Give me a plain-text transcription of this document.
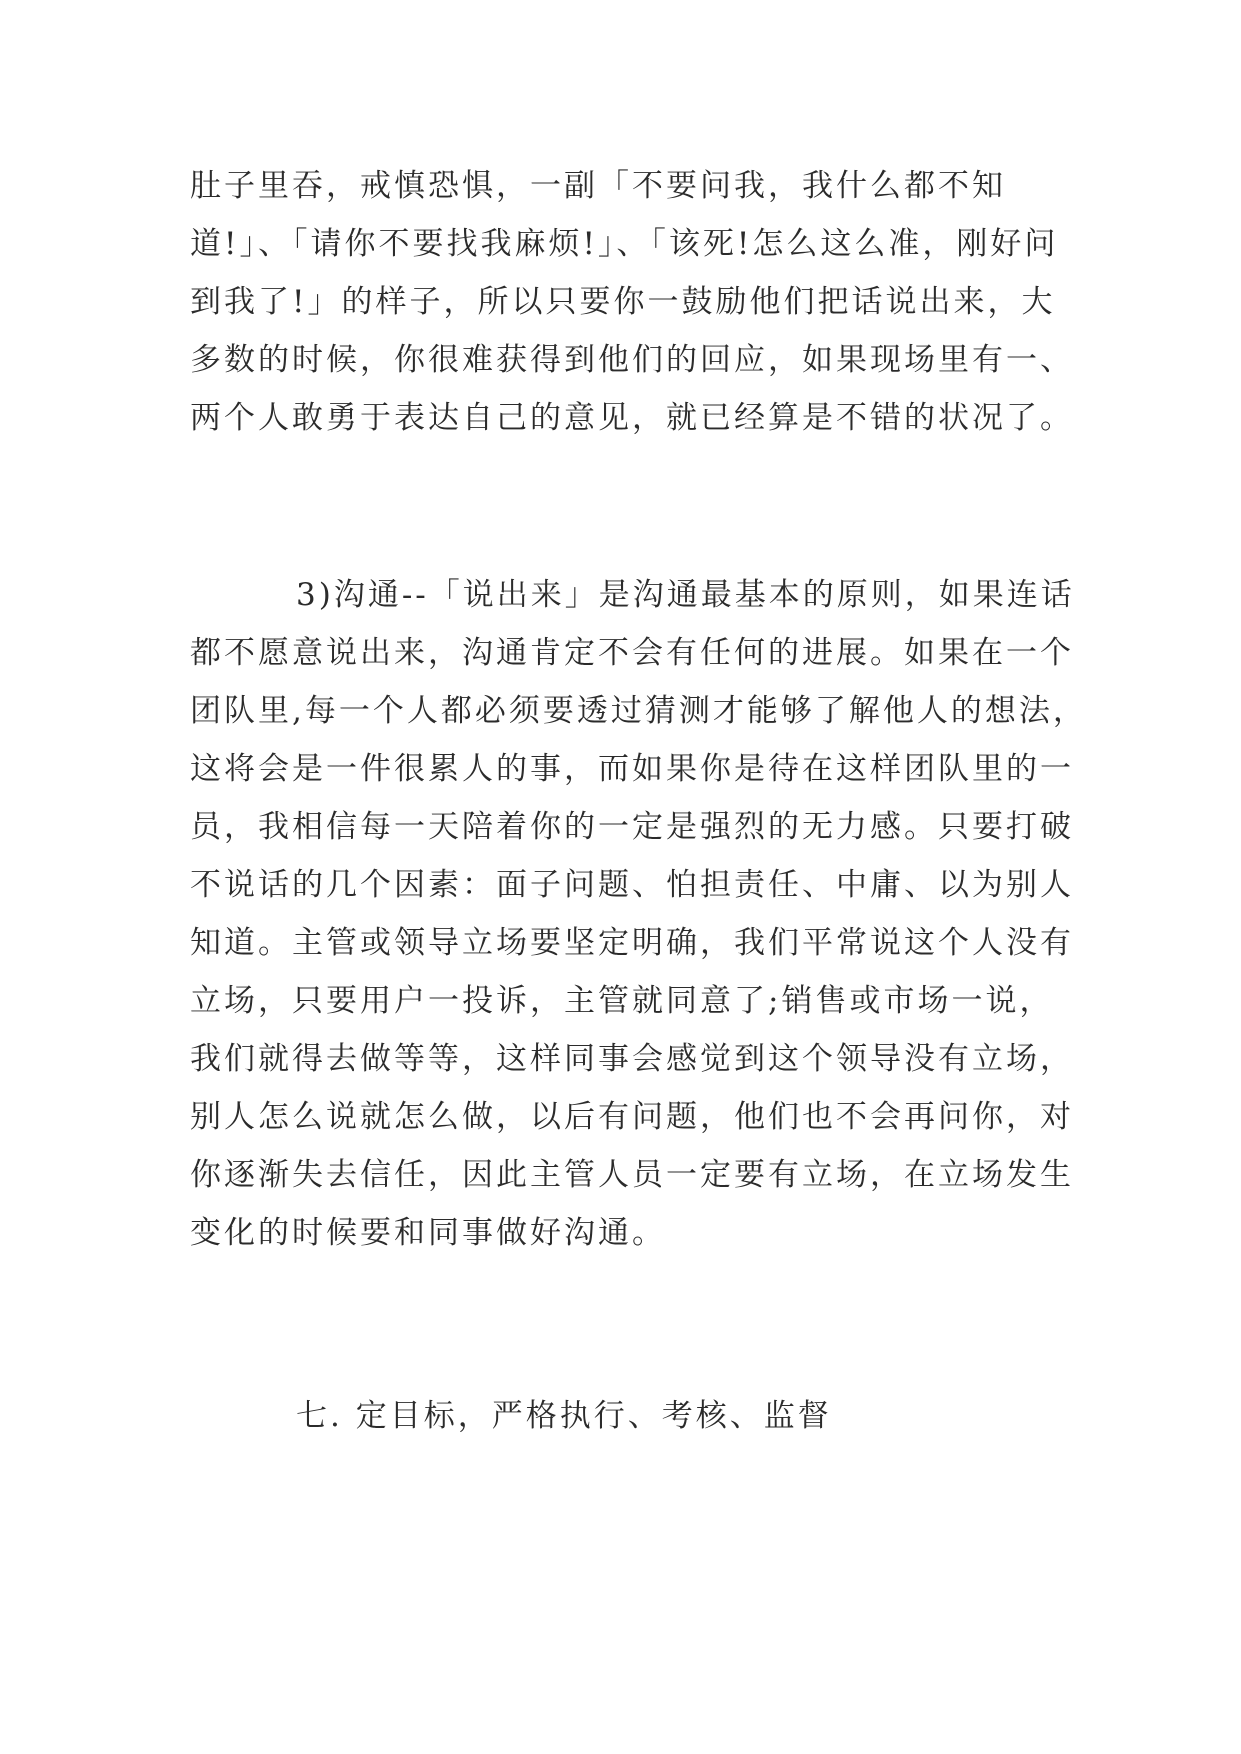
肚子里吞，戒慎恐惧，一副「不要问我，我什么都不知
道!」、「请你不要找我麻烦!」、「该死!怎么这么准，刚好问
到我了!」的样子，所以只要你一鼓励他们把话说出来，大
多数的时候，你很难获得到他们的回应，如果现场里有一、
两个人敢勇于表达自己的意见，就已经算是不错的状况了。
3)沟通--「说出来」是沟通最基本的原则，如果连话
都不愿意说出来，沟通肯定不会有任何的进展。如果在一个
团队里,每一个人都必须要透过猜测才能够了解他人的想法，
这将会是一件很累人的事，而如果你是待在这样团队里的一
员，我相信每一天陪着你的一定是强烈的无力感。只要打破
不说话的几个因素：面子问题、怕担责任、中庸、以为别人
知道。主管或领导立场要坚定明确，我们平常说这个人没有
立场，只要用户一投诉，主管就同意了;销售或市场一说，
我们就得去做等等，这样同事会感觉到这个领导没有立场，
别人怎么说就怎么做，以后有问题，他们也不会再问你，对
你逐渐失去信任，因此主管人员一定要有立场，在立场发生
变化的时候要和同事做好沟通。
七. 定目标，严格执行、考核、监督
